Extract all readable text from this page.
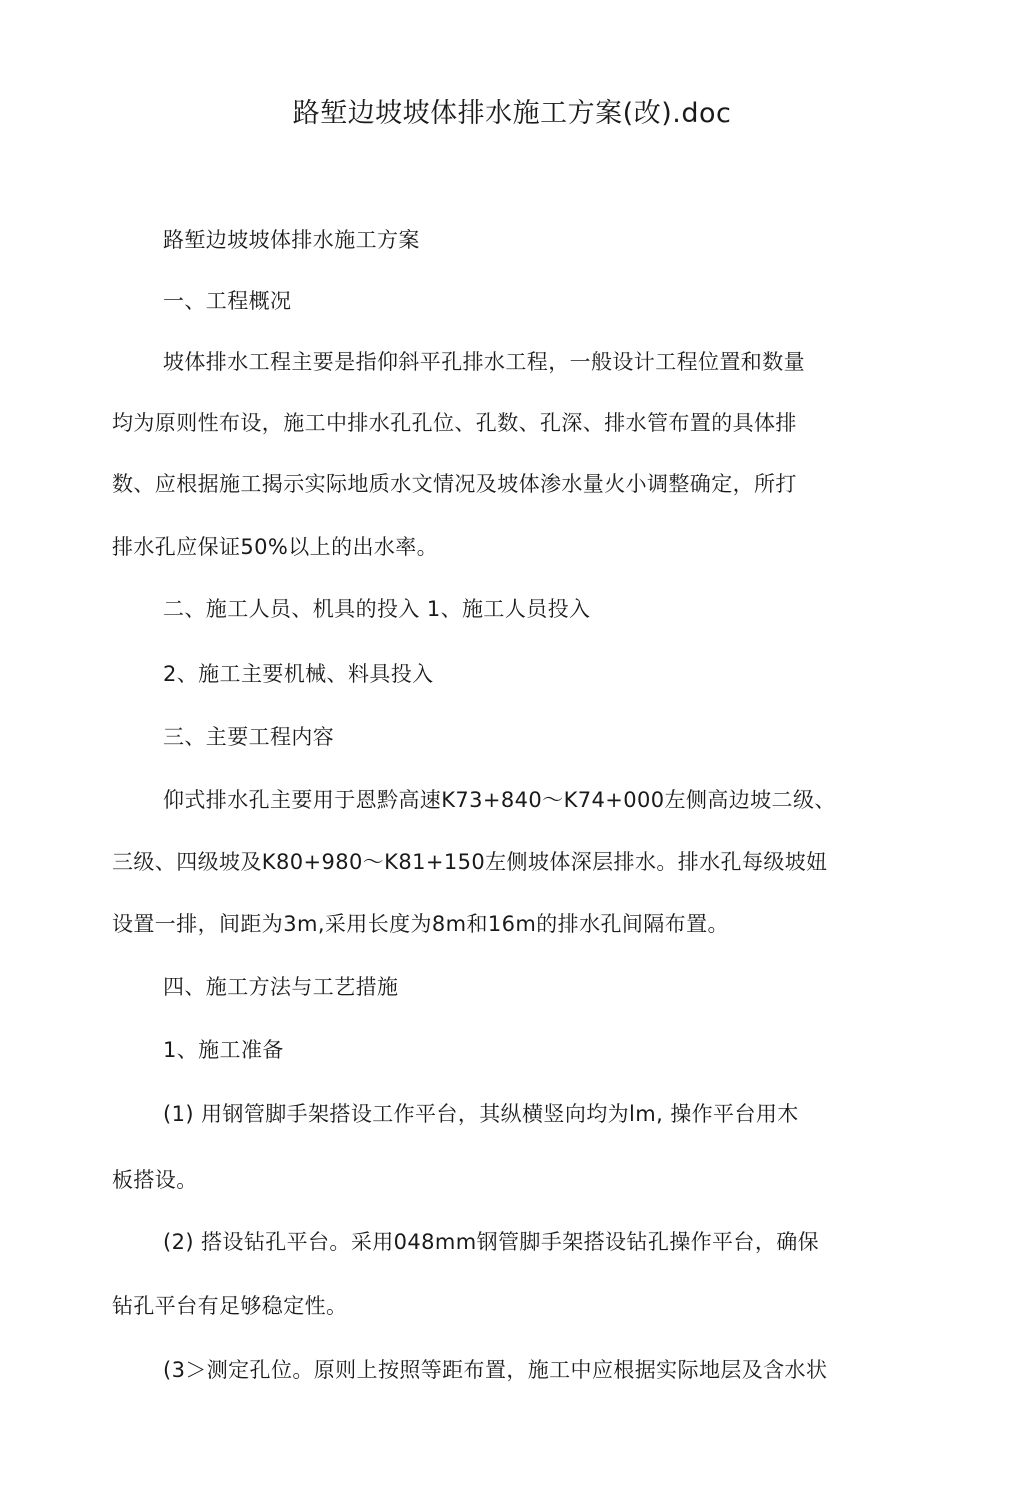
路堑边坡坡体排水施工方案(改).doc
路堑边坡坡体排水施工方案
一、工程概况
坡体排水工程主要是指仰斜平孔排水工程，一般设计工程位置和数量
均为原则性布设，施工中排水孔孔位、孔数、孔深、排水管布置的具体排
数、应根据施工揭示实际地质水文情况及坡体渗水量火小调整确定，所打
排水孔应保证50%以上的出水率。
二、施工人员、机具的投入 1、施工人员投入
2、施工主要机械、料具投入
三、主要工程内容
仰式排水孔主要用于恩黔高速K73+840～K74+000左侧高边坡二级、
三级、四级坡及K80+980～K81+150左侧坡体深层排水。排水孔每级坡妞
设置一排，间距为3m,采用长度为8m和16m的排水孔间隔布置。
四、施工方法与工艺措施
1、施工准备
(1) 用钢管脚手架搭设工作平台，其纵横竖向均为lm, 操作平台用木
板搭设。
(2) 搭设钻孔平台。采用048mm钢管脚手架搭设钻孔操作平台，确保
钻孔平台有足够稳定性。
(3＞测定孔位。原则上按照等距布置，施工中应根据实际地层及含水状
